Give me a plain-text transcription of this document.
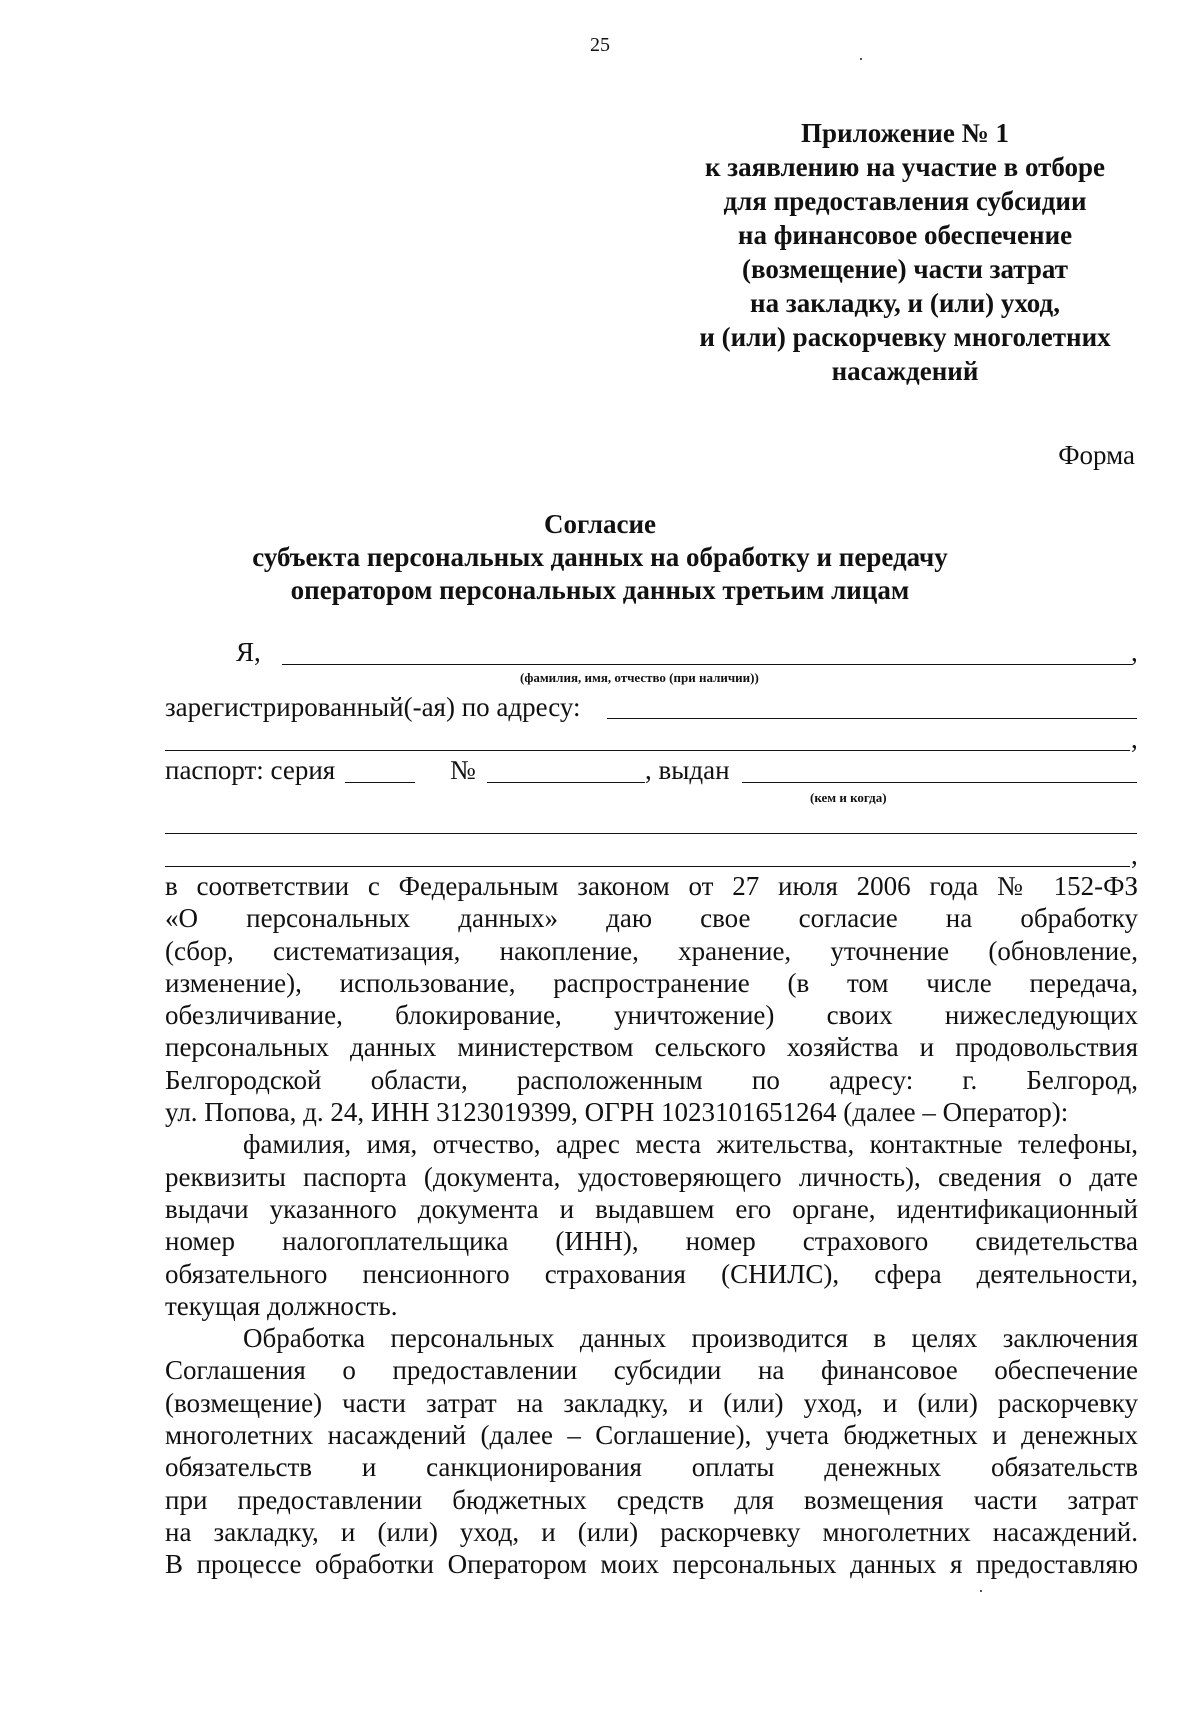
25
Приложение № 1
к заявлению на участие в отборе
для предоставления субсидии
на финансовое обеспечение
(возмещение) части затрат
на закладку, и (или) уход,
и (или) раскорчевку многолетних
насаждений
Форма
Согласие
субъекта персональных данных на обработку и передачу
оператором персональных данных третьим лицам
Я,	,
(фамилия, имя, отчество (при наличии))
зарегистрированный(-ая) по адресу:
,
паспорт: серия	№	, выдан
(кем и когда)
,

в соответствии с Федеральным законом от 27 июля 2006 года № 152-ФЗ
«О персональных данных» даю свое согласие на обработку
(сбор, систематизация, накопление, хранение, уточнение (обновление,
изменение), использование, распространение (в том числе передача,
обезличивание, блокирование, уничтожение) своих нижеследующих
персональных данных министерством сельского хозяйства и продовольствия
Белгородской области, расположенным по адресу: г. Белгород,
ул. Попова, д. 24, ИНН 3123019399, ОГРН 1023101651264 (далее – Оператор):

фамилия, имя, отчество, адрес места жительства, контактные телефоны,
реквизиты паспорта (документа, удостоверяющего личность), сведения о дате
выдачи указанного документа и выдавшем его органе, идентификационный
номер налогоплательщика (ИНН), номер страхового свидетельства
обязательного пенсионного страхования (СНИЛС), сфера деятельности,
текущая должность.

Обработка персональных данных производится в целях заключения
Соглашения о предоставлении субсидии на финансовое обеспечение
(возмещение) части затрат на закладку, и (или) уход, и (или) раскорчевку
многолетних насаждений (далее – Соглашение), учета бюджетных и денежных
обязательств и санкционирования оплаты денежных обязательств
при предоставлении бюджетных средств для возмещения части затрат
на закладку, и (или) уход, и (или) раскорчевку многолетних насаждений.
В процессе обработки Оператором моих персональных данных я предоставляю
